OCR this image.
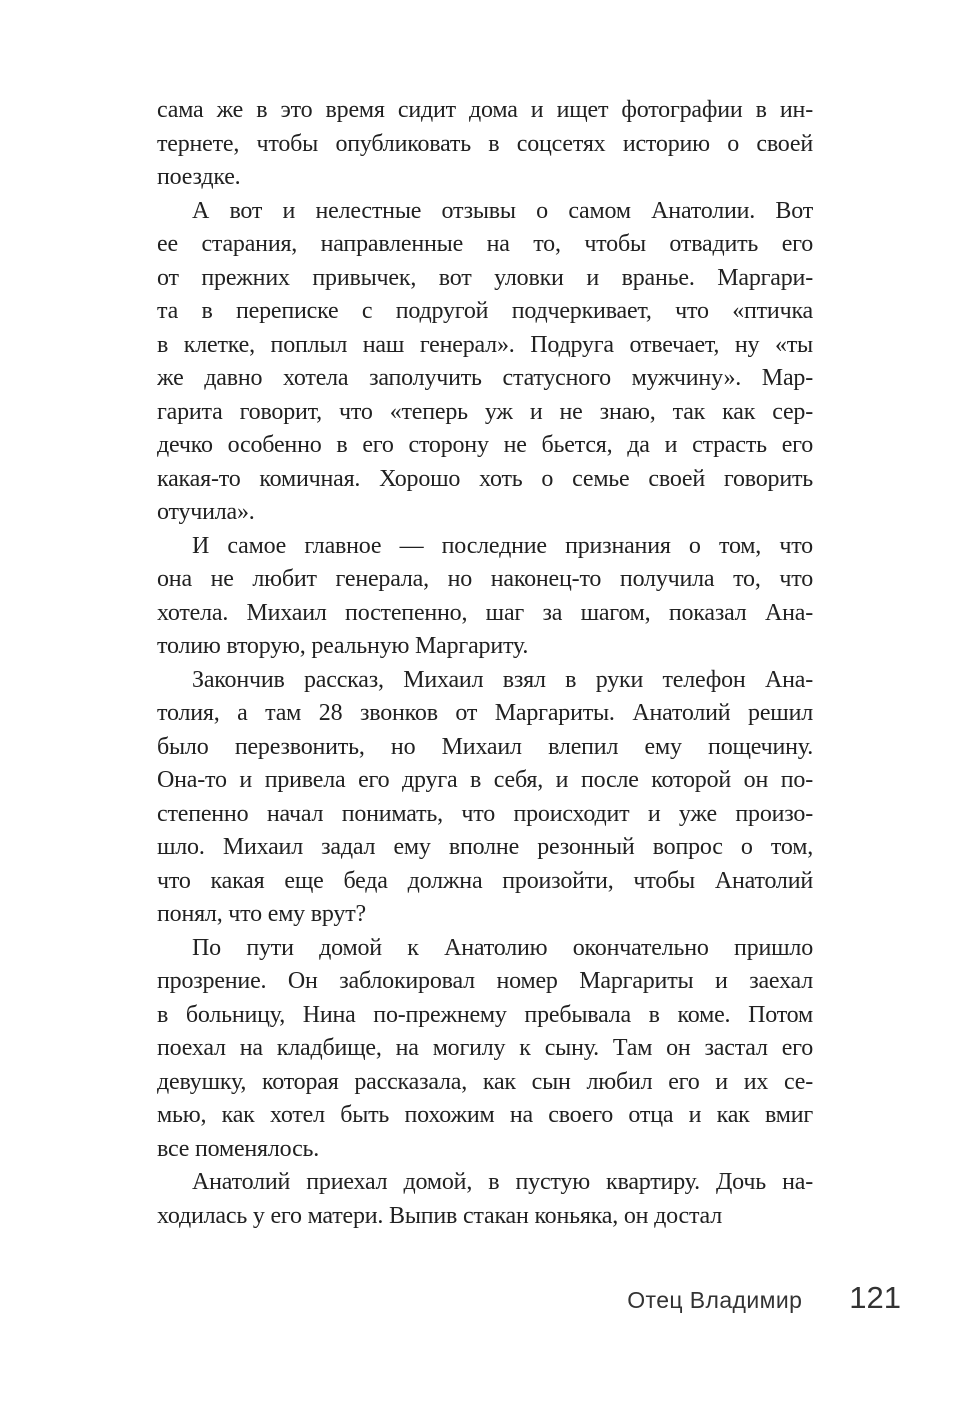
сама же в это время сидит дома и ищет фотографии в ин-
тернете, чтобы опубликовать в соцсетях историю о своей
поездке.
А вот и нелестные отзывы о самом Анатолии. Вот
ее старания, направленные на то, чтобы отвадить его
от прежних привычек, вот уловки и вранье. Маргари-
та в переписке с подругой подчеркивает, что «птичка
в клетке, поплыл наш генерал». Подруга отвечает, ну «ты
же давно хотела заполучить статусного мужчину». Мар-
гарита говорит, что «теперь уж и не знаю, так как сер-
дечко особенно в его сторону не бьется, да и страсть его
какая-то комичная. Хорошо хоть о семье своей говорить
отучила».
И самое главное — последние признания о том, что
она не любит генерала, но наконец-то получила то, что
хотела. Михаил постепенно, шаг за шагом, показал Ана-
толию вторую, реальную Маргариту.
Закончив рассказ, Михаил взял в руки телефон Ана-
толия, а там 28 звонков от Маргариты. Анатолий решил
было перезвонить, но Михаил влепил ему пощечину.
Она-то и привела его друга в себя, и после которой он по-
степенно начал понимать, что происходит и уже произо-
шло. Михаил задал ему вполне резонный вопрос о том,
что какая еще беда должна произойти, чтобы Анатолий
понял, что ему врут?
По пути домой к Анатолию окончательно пришло
прозрение. Он заблокировал номер Маргариты и заехал
в больницу, Нина по-прежнему пребывала в коме. Потом
поехал на кладбище, на могилу к сыну. Там он застал его
девушку, которая рассказала, как сын любил его и их се-
мью, как хотел быть похожим на своего отца и как вмиг
все поменялось.
Анатолий приехал домой, в пустую квартиру. Дочь на-
ходилась у его матери. Выпив стакан коньяка, он достал
Отец Владимир 121
